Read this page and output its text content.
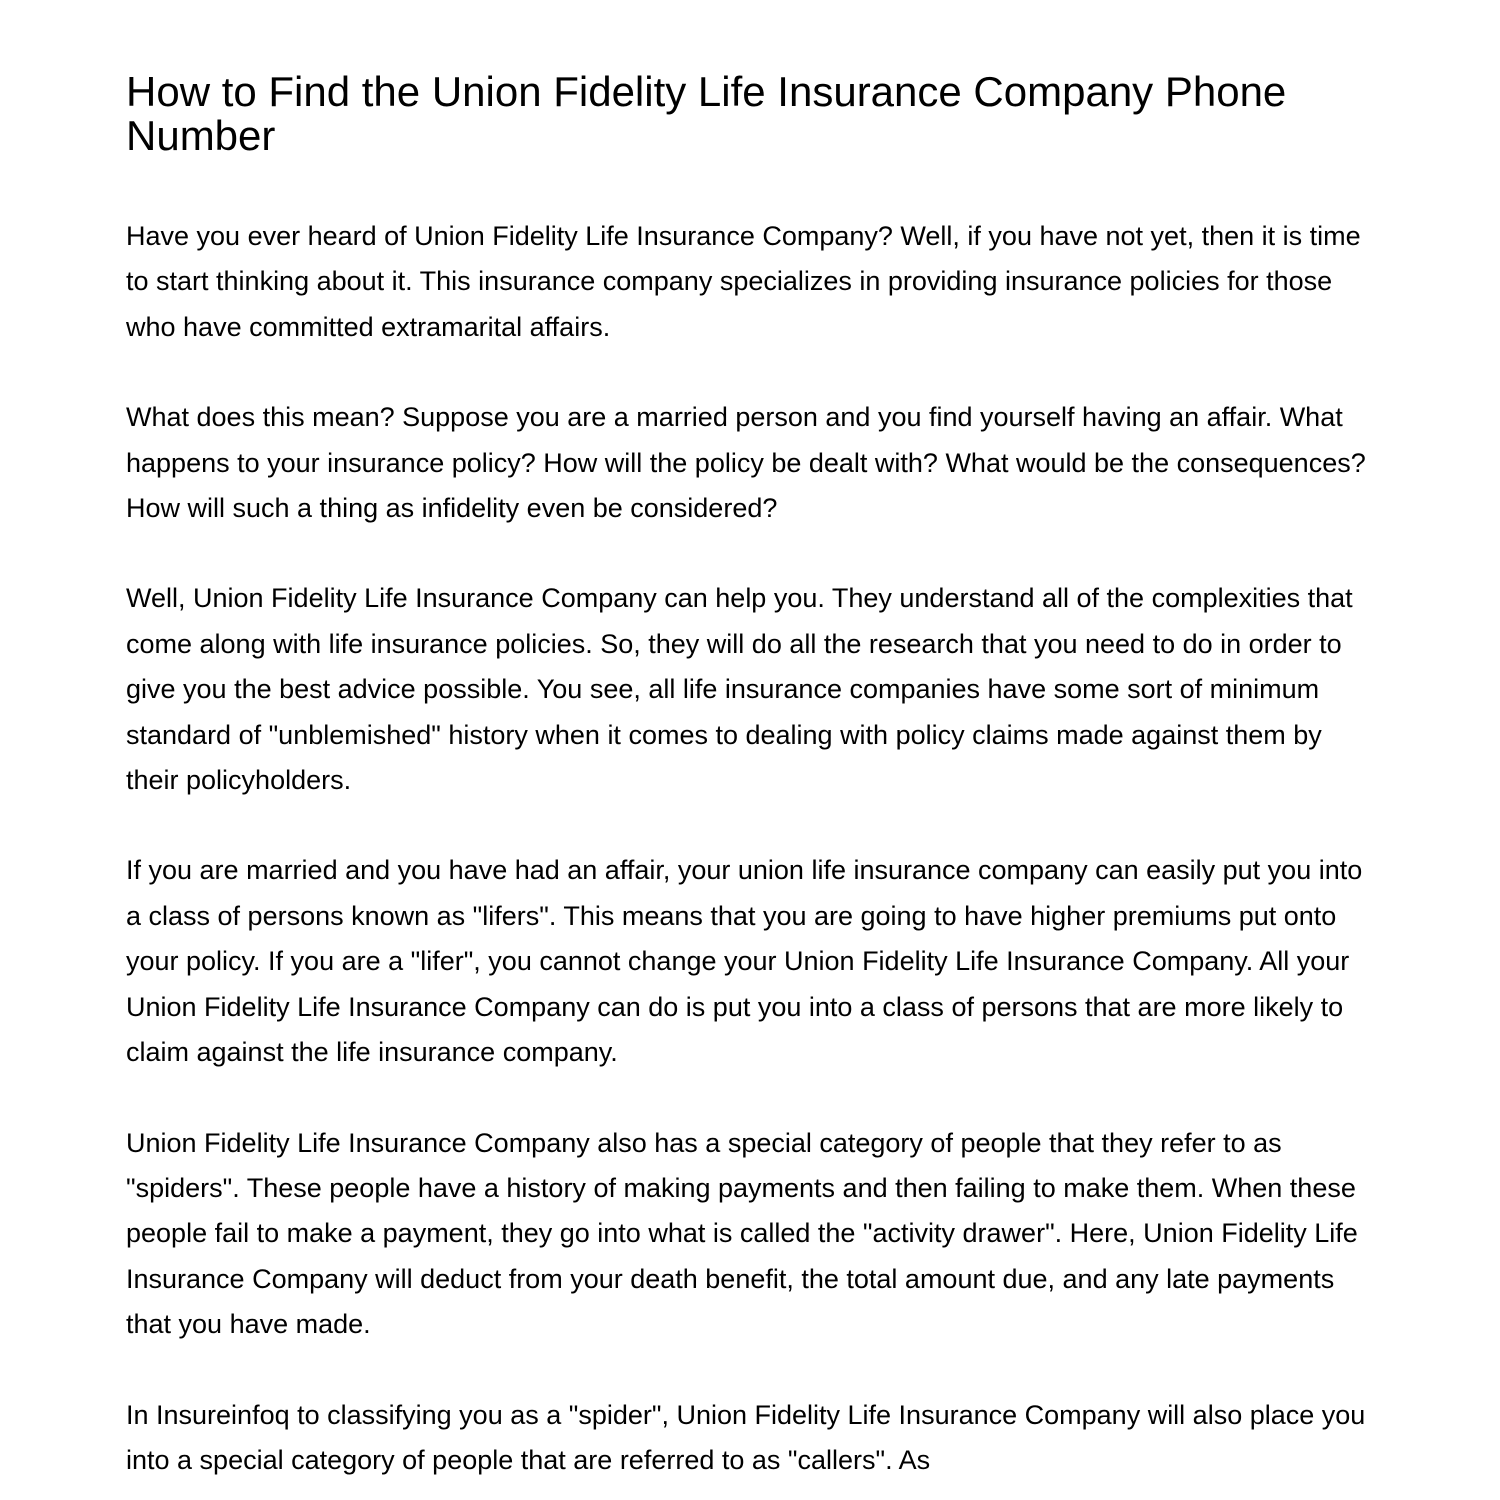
How to Find the Union Fidelity Life Insurance Company Phone Number

Have you ever heard of Union Fidelity Life Insurance Company? Well, if you have not yet, then it is time to start thinking about it. This insurance company specializes in providing insurance policies for those who have committed extramarital affairs.

What does this mean? Suppose you are a married person and you find yourself having an affair. What happens to your insurance policy? How will the policy be dealt with? What would be the consequences? How will such a thing as infidelity even be considered?

Well, Union Fidelity Life Insurance Company can help you. They understand all of the complexities that come along with life insurance policies. So, they will do all the research that you need to do in order to give you the best advice possible. You see, all life insurance companies have some sort of minimum standard of "unblemished" history when it comes to dealing with policy claims made against them by their policyholders.

If you are married and you have had an affair, your union life insurance company can easily put you into a class of persons known as "lifers". This means that you are going to have higher premiums put onto your policy. If you are a "lifer", you cannot change your Union Fidelity Life Insurance Company. All your Union Fidelity Life Insurance Company can do is put you into a class of persons that are more likely to claim against the life insurance company.

Union Fidelity Life Insurance Company also has a special category of people that they refer to as "spiders". These people have a history of making payments and then failing to make them. When these people fail to make a payment, they go into what is called the "activity drawer". Here, Union Fidelity Life Insurance Company will deduct from your death benefit, the total amount due, and any late payments that you have made.

In Insureinfoq to classifying you as a "spider", Union Fidelity Life Insurance Company will also place you into a special category of people that are referred to as "callers". As
